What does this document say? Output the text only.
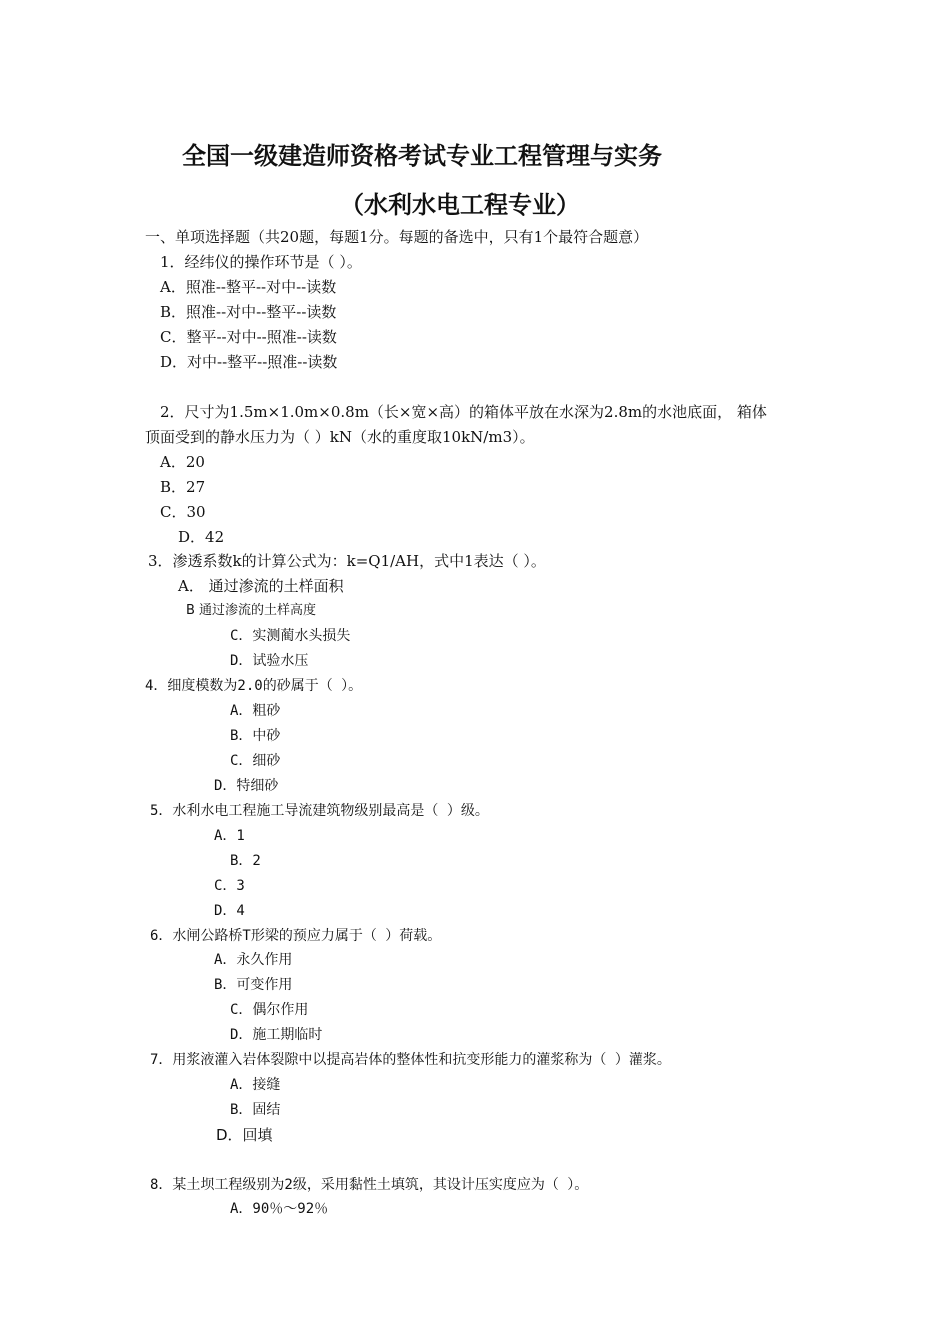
全国一级建造师资格考试专业工程管理与实务
（水利水电工程专业）
一、单项选择题（共20题，每题1分。每题的备选中，只有1个最符合题意）
1．经纬仪的操作环节是（ ）。
A．照准--整平--对中--读数
B．照准--对中--整平--读数
C．整平--对中--照准--读数
D．对中--整平--照准--读数
2．尺寸为1.5m×1.0m×0.8m（长×宽×高）的箱体平放在水深为2.8m的水池底面， 箱体
顶面受到的静水压力为（ ）kN（水的重度取10kN/m3）。
A．20
B．27
C．30
D．42
3．渗透系数k的计算公式为：k=Q1/AH，式中1表达（ ）。
A． 通过渗流的土样面积
B 通过渗流的土样高度
C．实测蔺水头损失
D．试验水压
4．细度模数为2.0的砂属于（ ）。
A．粗砂
B．中砂
C．细砂
D．特细砂
5．水利水电工程施工导流建筑物级别最高是（ ）级。
A．1
B．2
C．3
D．4
6．水闸公路桥T形梁的预应力属于（ ）荷载。
A．永久作用
B．可变作用
C．偶尔作用
D．施工期临时
7．用浆液灌入岩体裂隙中以提高岩体的整体性和抗变形能力的灌浆称为（ ）灌浆。
A．接缝
B．固结
D．回填
8．某土坝工程级别为2级，采用黏性土填筑，其设计压实度应为（ ）。
A．90％～92％
